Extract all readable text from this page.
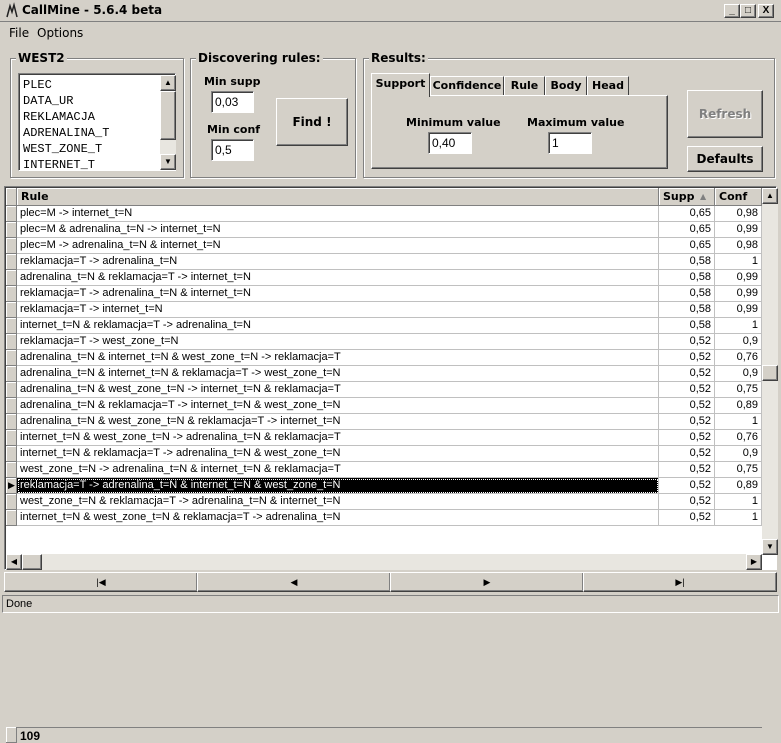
CallMine - 5.6.4 beta	_	□	X
File Options
WEST2
PLEC
DATA_UR
REKLAMACJA
ADRENALINA_T
WEST_ZONE_T
INTERNET_T
▲
▼
Discovering rules:
Min supp
0,03
Min conf
0,5
Find !
Results:
Confidence Rule	Body Head
Minimum value
0,40
Maximum value
1
Support
Refresh
Defaults
Rule	Supp ▲	Conf
plec=M -> internet_t=N	0,65	0,98
plec=M & adrenalina_t=N -> internet_t=N	0,65	0,99
plec=M -> adrenalina_t=N & internet_t=N	0,65	0,98
reklamacja=T -> adrenalina_t=N	0,58	1
adrenalina_t=N & reklamacja=T -> internet_t=N	0,58	0,99
reklamacja=T -> adrenalina_t=N & internet_t=N	0,58	0,99
reklamacja=T -> internet_t=N	0,58	0,99
internet_t=N & reklamacja=T -> adrenalina_t=N	0,58	1
reklamacja=T -> west_zone_t=N	0,52	0,9
adrenalina_t=N & internet_t=N & west_zone_t=N -> reklamacja=T	0,52	0,76
adrenalina_t=N & internet_t=N & reklamacja=T -> west_zone_t=N	0,52	0,9
adrenalina_t=N & west_zone_t=N -> internet_t=N & reklamacja=T	0,52	0,75
adrenalina_t=N & reklamacja=T -> internet_t=N & west_zone_t=N	0,52	0,89
adrenalina_t=N & west_zone_t=N & reklamacja=T -> internet_t=N	0,52	1
internet_t=N & west_zone_t=N -> adrenalina_t=N & reklamacja=T	0,52	0,76
internet_t=N & reklamacja=T -> adrenalina_t=N & west_zone_t=N	0,52	0,9
west_zone_t=N -> adrenalina_t=N & internet_t=N & reklamacja=T	0,52	0,75
▶ reklamacja=T -> adrenalina_t=N & internet_t=N & west_zone_t=N	0,52	0,89
west_zone_t=N & reklamacja=T -> adrenalina_t=N & internet_t=N	0,52	1
internet_t=N & west_zone_t=N & reklamacja=T -> adrenalina_t=N	0,52	1
109
▲
▼
◀	▶
|◀	◀	▶	▶|
Done
